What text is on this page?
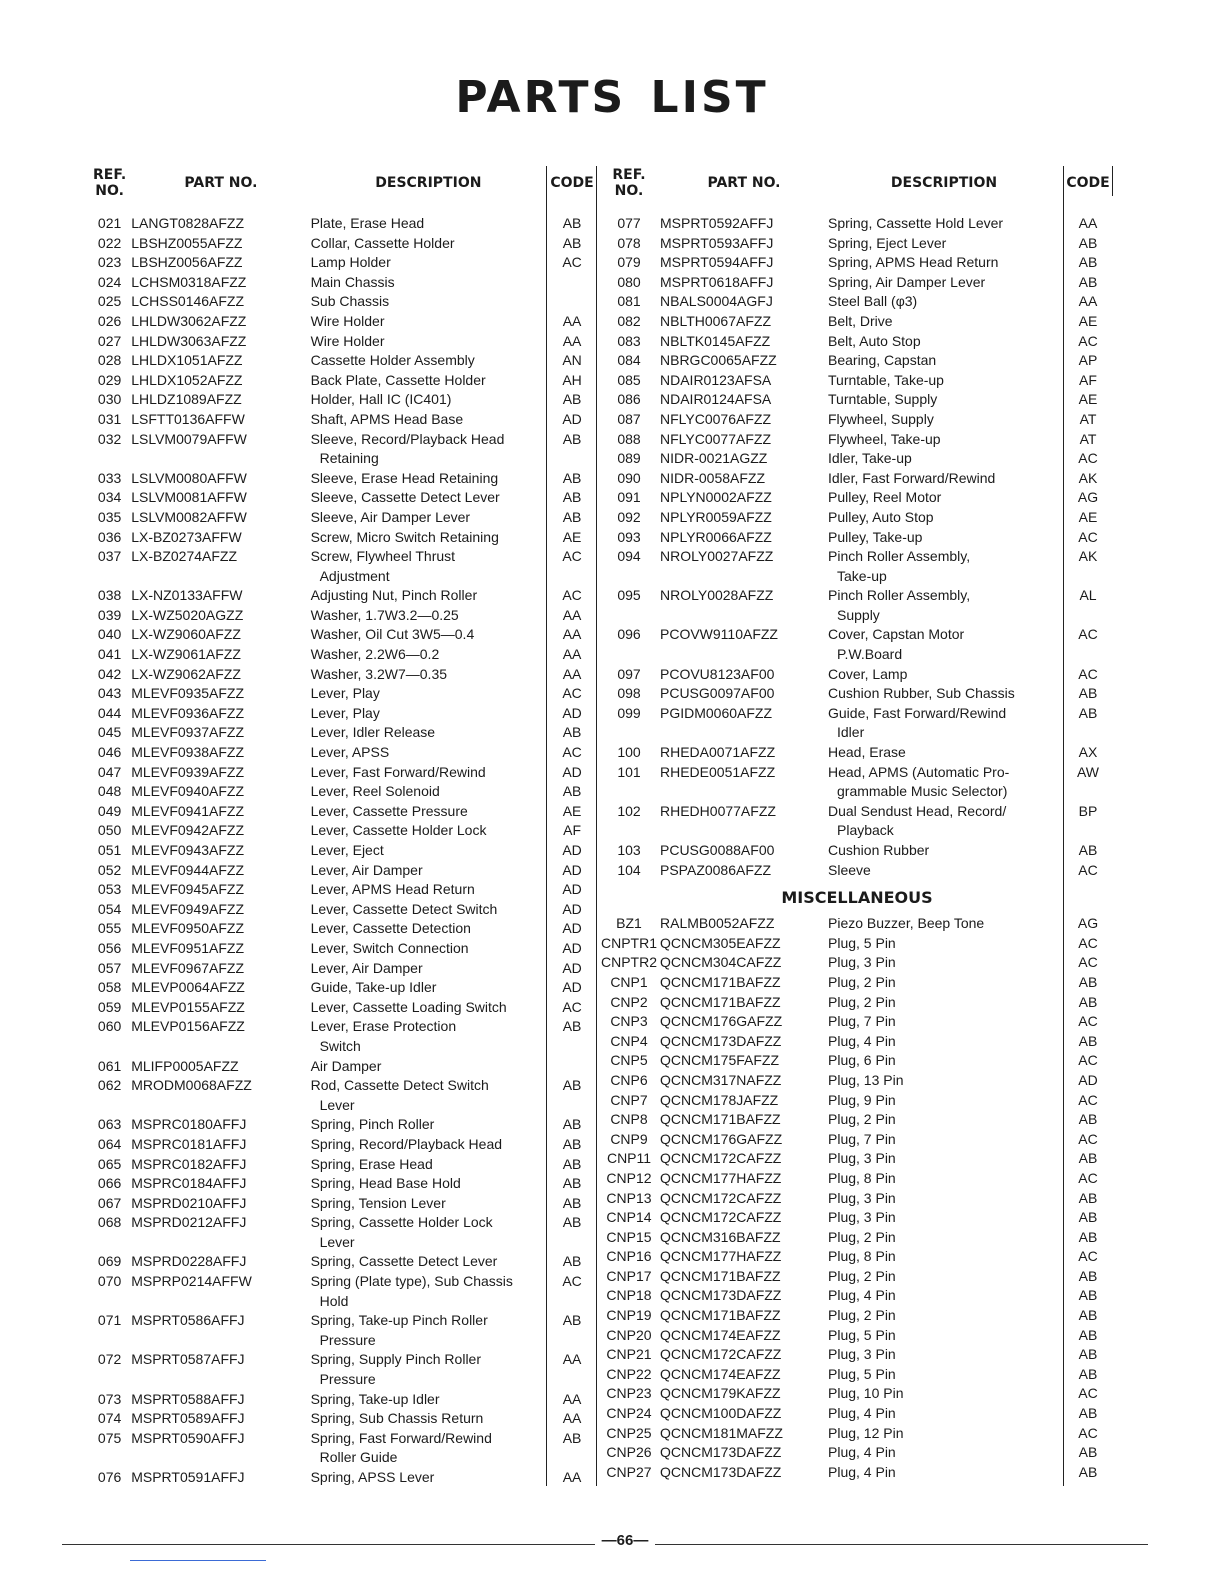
PARTS LIST
REF. NO.	PART NO.	DESCRIPTION	CODE

021	LANGT0828AFZZ	Plate, Erase Head	AB
022	LBSHZ0055AFZZ	Collar, Cassette Holder	AB
023	LBSHZ0056AFZZ	Lamp Holder	AC
024	LCHSM0318AFZZ	Main Chassis	

025	LCHSS0146AFZZ	Sub Chassis	

026	LHLDW3062AFZZ	Wire Holder	AA
027	LHLDW3063AFZZ	Wire Holder	AA
028	LHLDX1051AFZZ	Cassette Holder Assembly	AN
029	LHLDX1052AFZZ	Back Plate, Cassette Holder	AH
030	LHLDZ1089AFZZ	Holder, Hall IC (IC401)	AB
031	LSFTT0136AFFW	Shaft, APMS Head Base	AD
032	LSLVM0079AFFW	Sleeve, Record/Playback Head
Retaining	AB
033	LSLVM0080AFFW	Sleeve, Erase Head Retaining	AB
034	LSLVM0081AFFW	Sleeve, Cassette Detect Lever	AB
035	LSLVM0082AFFW	Sleeve, Air Damper Lever	AB
036	LX-BZ0273AFFW	Screw, Micro Switch Retaining	AE
037	LX-BZ0274AFZZ	Screw, Flywheel Thrust
Adjustment	AC
038	LX-NZ0133AFFW	Adjusting Nut, Pinch Roller	AC
039	LX-WZ5020AGZZ	Washer, 1.7W3.2—0.25	AA
040	LX-WZ9060AFZZ	Washer, Oil Cut 3W5—0.4	AA
041	LX-WZ9061AFZZ	Washer, 2.2W6—0.2	AA
042	LX-WZ9062AFZZ	Washer, 3.2W7—0.35	AA
043	MLEVF0935AFZZ	Lever, Play	AC
044	MLEVF0936AFZZ	Lever, Play	AD
045	MLEVF0937AFZZ	Lever, Idler Release	AB
046	MLEVF0938AFZZ	Lever, APSS	AC
047	MLEVF0939AFZZ	Lever, Fast Forward/Rewind	AD
048	MLEVF0940AFZZ	Lever, Reel Solenoid	AB
049	MLEVF0941AFZZ	Lever, Cassette Pressure	AE
050	MLEVF0942AFZZ	Lever, Cassette Holder Lock	AF
051	MLEVF0943AFZZ	Lever, Eject	AD
052	MLEVF0944AFZZ	Lever, Air Damper	AD
053	MLEVF0945AFZZ	Lever, APMS Head Return	AD
054	MLEVF0949AFZZ	Lever, Cassette Detect Switch	AD
055	MLEVF0950AFZZ	Lever, Cassette Detection	AD
056	MLEVF0951AFZZ	Lever, Switch Connection	AD
057	MLEVF0967AFZZ	Lever, Air Damper	AD
058	MLEVP0064AFZZ	Guide, Take-up Idler	AD
059	MLEVP0155AFZZ	Lever, Cassette Loading Switch	AC
060	MLEVP0156AFZZ	Lever, Erase Protection
Switch	AB
061	MLIFP0005AFZZ	Air Damper	

062	MRODM0068AFZZ	Rod, Cassette Detect Switch
Lever	AB
063	MSPRC0180AFFJ	Spring, Pinch Roller	AB
064	MSPRC0181AFFJ	Spring, Record/Playback Head	AB
065	MSPRC0182AFFJ	Spring, Erase Head	AB
066	MSPRC0184AFFJ	Spring, Head Base Hold	AB
067	MSPRD0210AFFJ	Spring, Tension Lever	AB
068	MSPRD0212AFFJ	Spring, Cassette Holder Lock
Lever	AB
069	MSPRD0228AFFJ	Spring, Cassette Detect Lever	AB
070	MSPRP0214AFFW	Spring (Plate type), Sub Chassis
Hold	AC
071	MSPRT0586AFFJ	Spring, Take-up Pinch Roller
Pressure	AB
072	MSPRT0587AFFJ	Spring, Supply Pinch Roller
Pressure	AA
073	MSPRT0588AFFJ	Spring, Take-up Idler	AA
074	MSPRT0589AFFJ	Spring, Sub Chassis Return	AA
075	MSPRT0590AFFJ	Spring, Fast Forward/Rewind
Roller Guide	AB
076	MSPRT0591AFFJ	Spring, APSS Lever	AA
REF. NO.	PART NO.	DESCRIPTION	CODE

077	MSPRT0592AFFJ	Spring, Cassette Hold Lever	AA
078	MSPRT0593AFFJ	Spring, Eject Lever	AB
079	MSPRT0594AFFJ	Spring, APMS Head Return	AB
080	MSPRT0618AFFJ	Spring, Air Damper Lever	AB
081	NBALS0004AGFJ	Steel Ball (φ3)	AA
082	NBLTH0067AFZZ	Belt, Drive	AE
083	NBLTK0145AFZZ	Belt, Auto Stop	AC
084	NBRGC0065AFZZ	Bearing, Capstan	AP
085	NDAIR0123AFSA	Turntable, Take-up	AF
086	NDAIR0124AFSA	Turntable, Supply	AE
087	NFLYC0076AFZZ	Flywheel, Supply	AT
088	NFLYC0077AFZZ	Flywheel, Take-up	AT
089	NIDR-0021AGZZ	Idler, Take-up	AC
090	NIDR-0058AFZZ	Idler, Fast Forward/Rewind	AK
091	NPLYN0002AFZZ	Pulley, Reel Motor	AG
092	NPLYR0059AFZZ	Pulley, Auto Stop	AE
093	NPLYR0066AFZZ	Pulley, Take-up	AC
094	NROLY0027AFZZ	Pinch Roller Assembly,
Take-up	AK
095	NROLY0028AFZZ	Pinch Roller Assembly,
Supply	AL
096	PCOVW9110AFZZ	Cover, Capstan Motor
P.W.Board	AC
097	PCOVU8123AF00	Cover, Lamp	AC
098	PCUSG0097AF00	Cushion Rubber, Sub Chassis	AB
099	PGIDM0060AFZZ	Guide, Fast Forward/Rewind
Idler	AB
100	RHEDA0071AFZZ	Head, Erase	AX
101	RHEDE0051AFZZ	Head, APMS (Automatic Pro-
grammable Music Selector)	AW
102	RHEDH0077AFZZ	Dual Sendust Head, Record/
Playback	BP
103	PCUSG0088AF00	Cushion Rubber	AB
104	PSPAZ0086AFZZ	Sleeve	AC
MISCELLANEOUS			
BZ1	RALMB0052AFZZ	Piezo Buzzer, Beep Tone	AG
CNPTR1	QCNCM305EAFZZ	Plug, 5 Pin	AC
CNPTR2	QCNCM304CAFZZ	Plug, 3 Pin	AC
CNP1	QCNCM171BAFZZ	Plug, 2 Pin	AB
CNP2	QCNCM171BAFZZ	Plug, 2 Pin	AB
CNP3	QCNCM176GAFZZ	Plug, 7 Pin	AC
CNP4	QCNCM173DAFZZ	Plug, 4 Pin	AB
CNP5	QCNCM175FAFZZ	Plug, 6 Pin	AC
CNP6	QCNCM317NAFZZ	Plug, 13 Pin	AD
CNP7	QCNCM178JAFZZ	Plug, 9 Pin	AC
CNP8	QCNCM171BAFZZ	Plug, 2 Pin	AB
CNP9	QCNCM176GAFZZ	Plug, 7 Pin	AC
CNP11	QCNCM172CAFZZ	Plug, 3 Pin	AB
CNP12	QCNCM177HAFZZ	Plug, 8 Pin	AC
CNP13	QCNCM172CAFZZ	Plug, 3 Pin	AB
CNP14	QCNCM172CAFZZ	Plug, 3 Pin	AB
CNP15	QCNCM316BAFZZ	Plug, 2 Pin	AB
CNP16	QCNCM177HAFZZ	Plug, 8 Pin	AC
CNP17	QCNCM171BAFZZ	Plug, 2 Pin	AB
CNP18	QCNCM173DAFZZ	Plug, 4 Pin	AB
CNP19	QCNCM171BAFZZ	Plug, 2 Pin	AB
CNP20	QCNCM174EAFZZ	Plug, 5 Pin	AB
CNP21	QCNCM172CAFZZ	Plug, 3 Pin	AB
CNP22	QCNCM174EAFZZ	Plug, 5 Pin	AB
CNP23	QCNCM179KAFZZ	Plug, 10 Pin	AC
CNP24	QCNCM100DAFZZ	Plug, 4 Pin	AB
CNP25	QCNCM181MAFZZ	Plug, 12 Pin	AC
CNP26	QCNCM173DAFZZ	Plug, 4 Pin	AB
CNP27	QCNCM173DAFZZ	Plug, 4 Pin	AB
—66—
